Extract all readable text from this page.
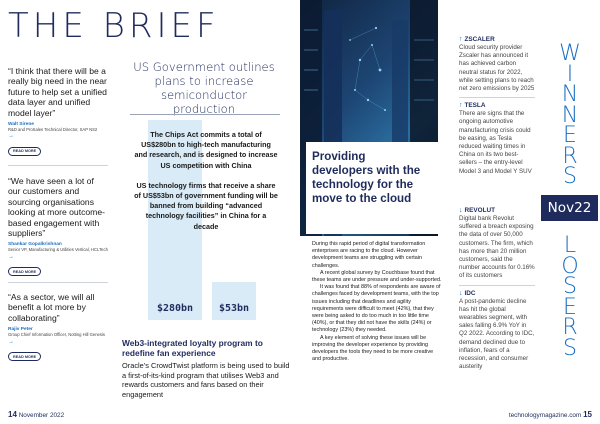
THE BRIEF
“I think that there will be a really big need in the near future to help set a unified data layer and unified model layer”
Walt Sirene
R&D and ProSales Technical Director, SAP NS2
→
READ MORE
“We have seen a lot of our customers and sourcing organisations looking at more outcome-based engagement with suppliers”
Shankar Gopalkrishnan
Senior VP, Manufacturing & Utilities Vertical, HCLTech
→
READ MORE
“As a sector, we will all benefit a lot more by collaborating”
Rajiv Peter
Group Chief Information Officer, Notting Hill Genesis
→
READ MORE
US Government outlines plans to increase semiconductor production
The Chips Act commits a total of US$280bn to high-tech manufacturing and research, and is designed to increase US competition with China
US technology firms that receive a share of US$53bn of government funding will be banned from building “advanced technology facilities” in China for a decade
$280bn	$53bn
Web3-integrated loyalty program to redefine fan experience
Oracle’s CrowdTwist platform is being used to build a first-of-its-kind program that utilises Web3 and rewards customers and fans based on their engagement
Providing developers with the technology for the move to the cloud

During this rapid period of digital transformation enterprises are racing to the cloud. However development teams are struggling with certain challenges.

A recent global survey by Couchbase found that these teams are under pressure and under-supported.

It was found that 88% of respondents are aware of challenges faced by development teams, with the top issues including that deadlines and agility requirements were difficult to meet (42%), that they were being asked to do too much in too little time (40%), or that they did not have the skills (24%) or technology (23%) they needed.

A key element of solving these issues will be improving the developer experience by providing developers the tools they need to be more creative and productive.

↑ ZSCALER
Cloud security provider Zscaler has announced it has achieved carbon neutral status for 2022, while setting plans to reach net zero emissions by 2025
↑ TESLA
There are signs that the ongoing automotive manufacturing crisis could be easing, as Tesla reduced waiting times in China on its two best-sellers – the entry-level Model 3 and Model Y SUV
↓ REVOLUT
Digital bank Revolut suffered a breach exposing the data of over 50,000 customers. The firm, which has more than 20 million customers, said the number accounts for 0.16% of its customers
↓ IDC
A post-pandemic decline has hit the global wearables segment, with sales falling 6.9% YoY in Q2 2022. According to IDC, demand declined due to inflation, fears of a recession, and consumer austerity
W
I
N
N
E
R
S
Nov22
L
O
S
E
R
S
14 November 2022	technologymagazine.com 15
